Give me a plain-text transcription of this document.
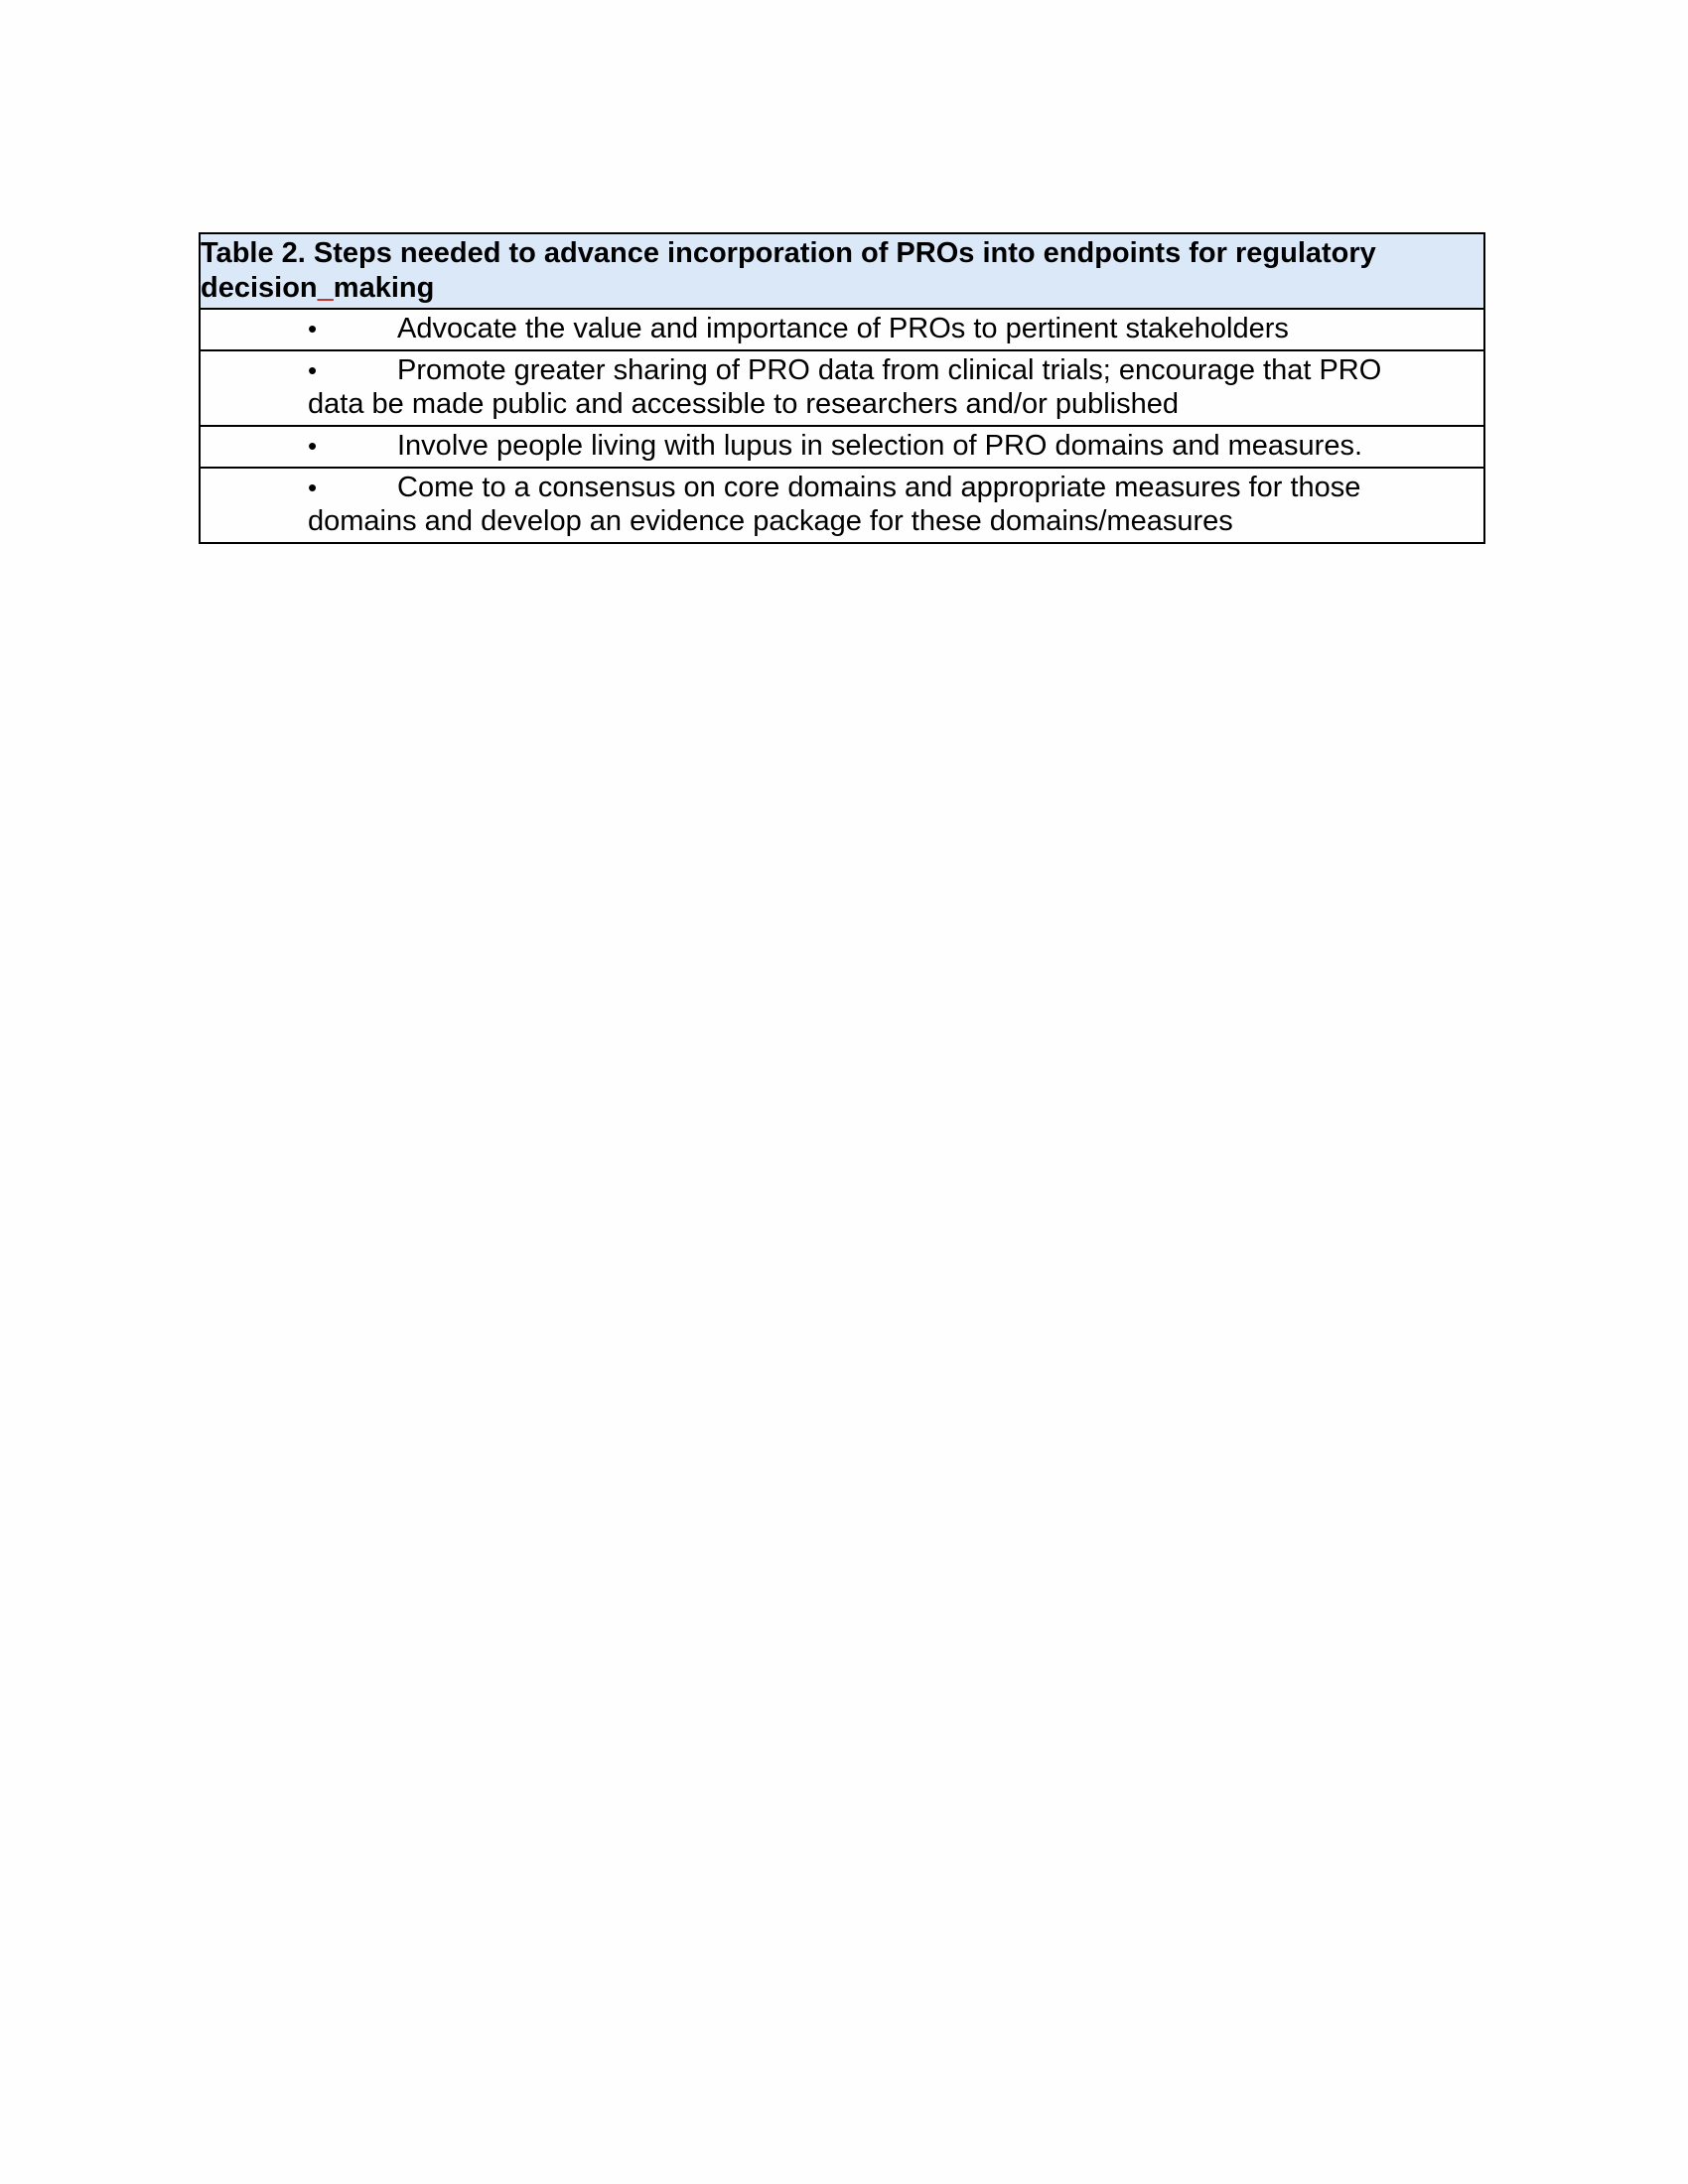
Table 2. Steps needed to advance incorporation of PROs into endpoints for regulatory decision_making
•	Advocate the value and importance of PROs to pertinent stakeholders
•	Promote greater sharing of PRO data from clinical trials; encourage that PRO data be made public and accessible to researchers and/or published
•	Involve people living with lupus in selection of PRO domains and measures.
•	Come to a consensus on core domains and appropriate measures for those domains and develop an evidence package for these domains/measures
